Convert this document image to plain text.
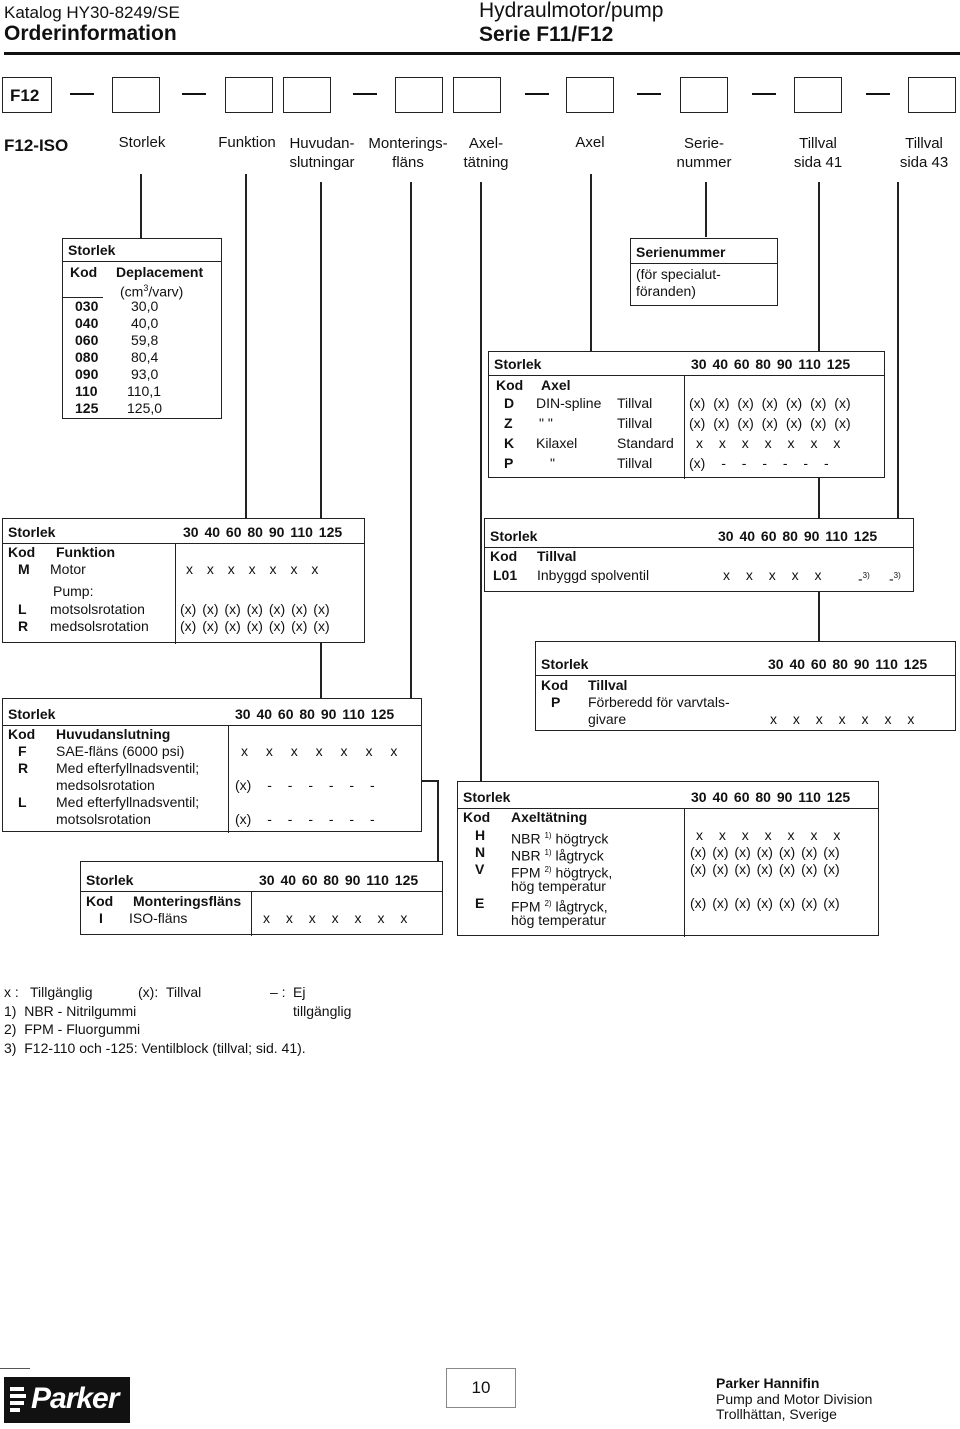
Katalog HY30-8249/SE
Orderinformation
Hydraulmotor/pump
Serie F11/F12
F12
F12-ISO	Storlek	Funktion Huvudan-
slutningar
Monterings-
fläns
Axel-
tätning
Axel	Serie-
nummer
Tillval
sida 41
Tillval
sida 43
Storlek
Kod Deplacement
$(cm^3/varv)$
030 30,0
040 40,0
060 59,8
080 80,4
090 93,0
110 110,1
125 125,0
Serienummer
(för specialut-
föranden)
Storlek	30 40 60 80 90 110 125
Kod Axel
D DIN-spline Tillval	(x) (x) (x) (x) (x) (x) (x)
Z " "	Tillval	(x) (x) (x) (x) (x) (x) (x)
K Kilaxel	Standard x x x x x x x
P	"	Tillval	(x) - - - - - -
Storlek	30 40 60 80 90 110 125
Kod Funktion
M Motor	x x x x x x x
Pump:
L motsolsrotation	(x) (x) (x) (x) (x) (x) (x)
R medsolsrotation (x) (x) (x) (x) (x) (x) (x)
Storlek	30 40 60 80 90 110 125
Kod Tillval
L01 Inbyggd spolventil	x x x x x	-$^{3)}$ -$^{3)}$
Storlek	30 40 60 80 90 110 125
Kod Tillval
P Förberedd för varvtals-
givare	x x x x x x x
Storlek	30 40 60 80 90 110 125
Kod Huvudanslutning
F SAE-fläns (6000 psi)	x x x x x x x
R Med efterfyllnadsventil;
medsolsrotation	(x) - - - - - -
L Med efterfyllnadsventil;
motsolsrotation	(x) - - - - - -
Storlek	30 40 60 80 90 110 125
Kod Axeltätning
H NBR $^{1)}$ högtryck	x x x x x x x
N NBR $^{1)}$ lågtryck	(x) (x) (x) (x) (x) (x) (x)
V FPM $^{2)}$ högtryck,
hög temperatur
(x) (x) (x) (x) (x) (x) (x)
E FPM $^{2)}$ lågtryck,
hög temperatur
(x) (x) (x) (x) (x) (x) (x)
Storlek	30 40 60 80 90 110 125
Kod Monteringsfläns
I ISO-fläns	x x x x x x x
x : Tillgänglig	(x): Tillval	– : Ej tillgänglig
1)  NBR - Nitrilgummi
2)  FPM - Fluorgummi
3)  F12-110 och -125: Ventilblock (tillval; sid. 41).
Parker	10	Parker Hannifin
Pump and Motor Division
Trollhättan, Sverige
